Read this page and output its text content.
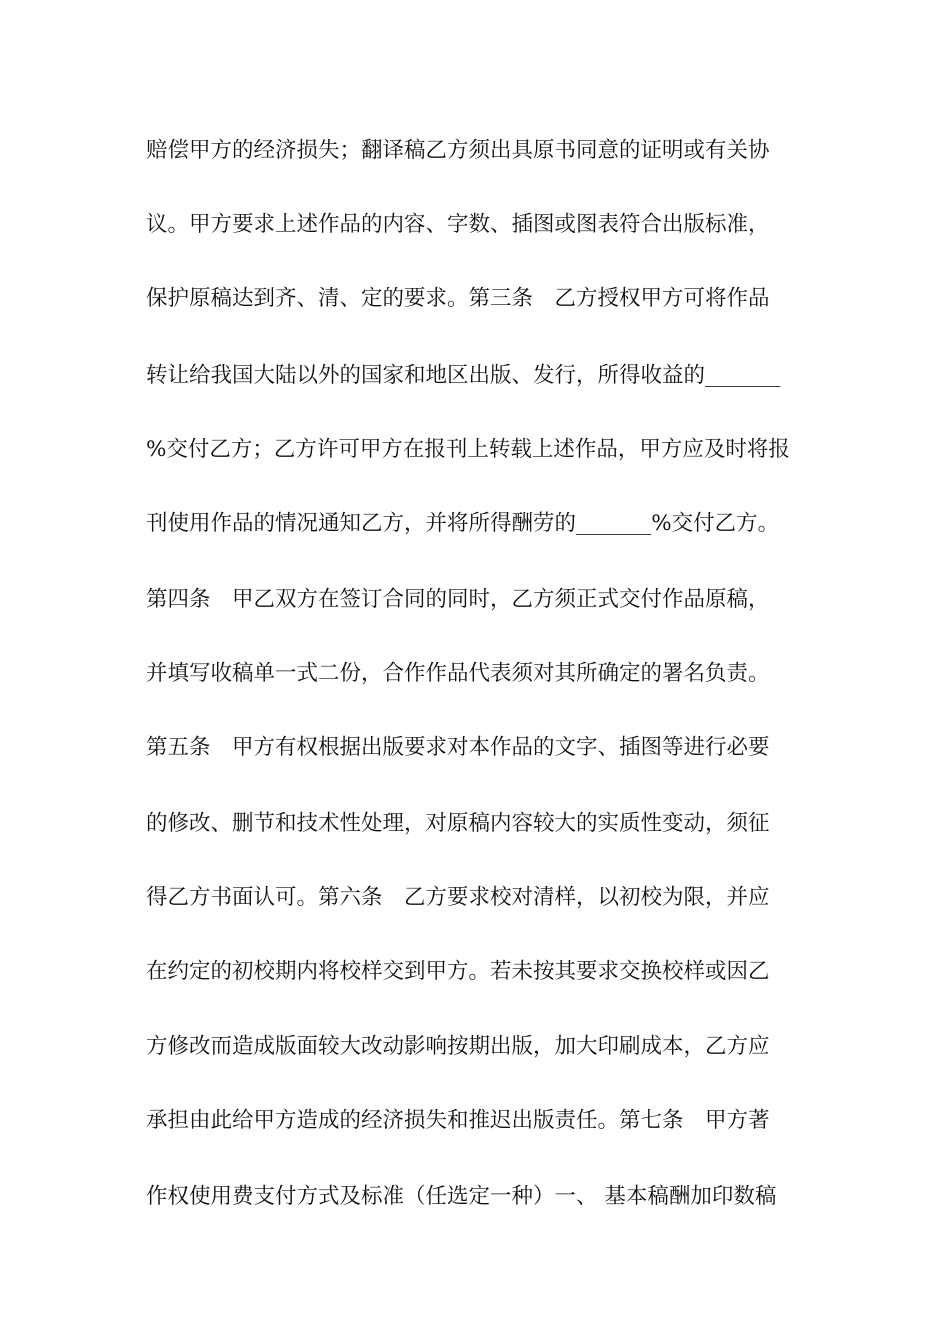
赔偿甲方的经济损失；翻译稿乙方须出具原书同意的证明或有关协

议。甲方要求上述作品的内容、字数、插图或图表符合出版标准，

保护原稿达到齐、清、定的要求。第三条　乙方授权甲方可将作品

转让给我国大陆以外的国家和地区出版、发行，所得收益的_______

%交付乙方；乙方许可甲方在报刊上转载上述作品，甲方应及时将报

刊使用作品的情况通知乙方，并将所得酬劳的_______%交付乙方。

第四条　甲乙双方在签订合同的同时，乙方须正式交付作品原稿，

并填写收稿单一式二份，合作作品代表须对其所确定的署名负责。

第五条　甲方有权根据出版要求对本作品的文字、插图等进行必要

的修改、删节和技术性处理，对原稿内容较大的实质性变动，须征

得乙方书面认可。第六条　乙方要求校对清样，以初校为限，并应

在约定的初校期内将校样交到甲方。若未按其要求交换校样或因乙

方修改而造成版面较大改动影响按期出版，加大印刷成本，乙方应

承担由此给甲方造成的经济损失和推迟出版责任。第七条　甲方著

作权使用费支付方式及标准（任选定一种）一、 基本稿酬加印数稿
